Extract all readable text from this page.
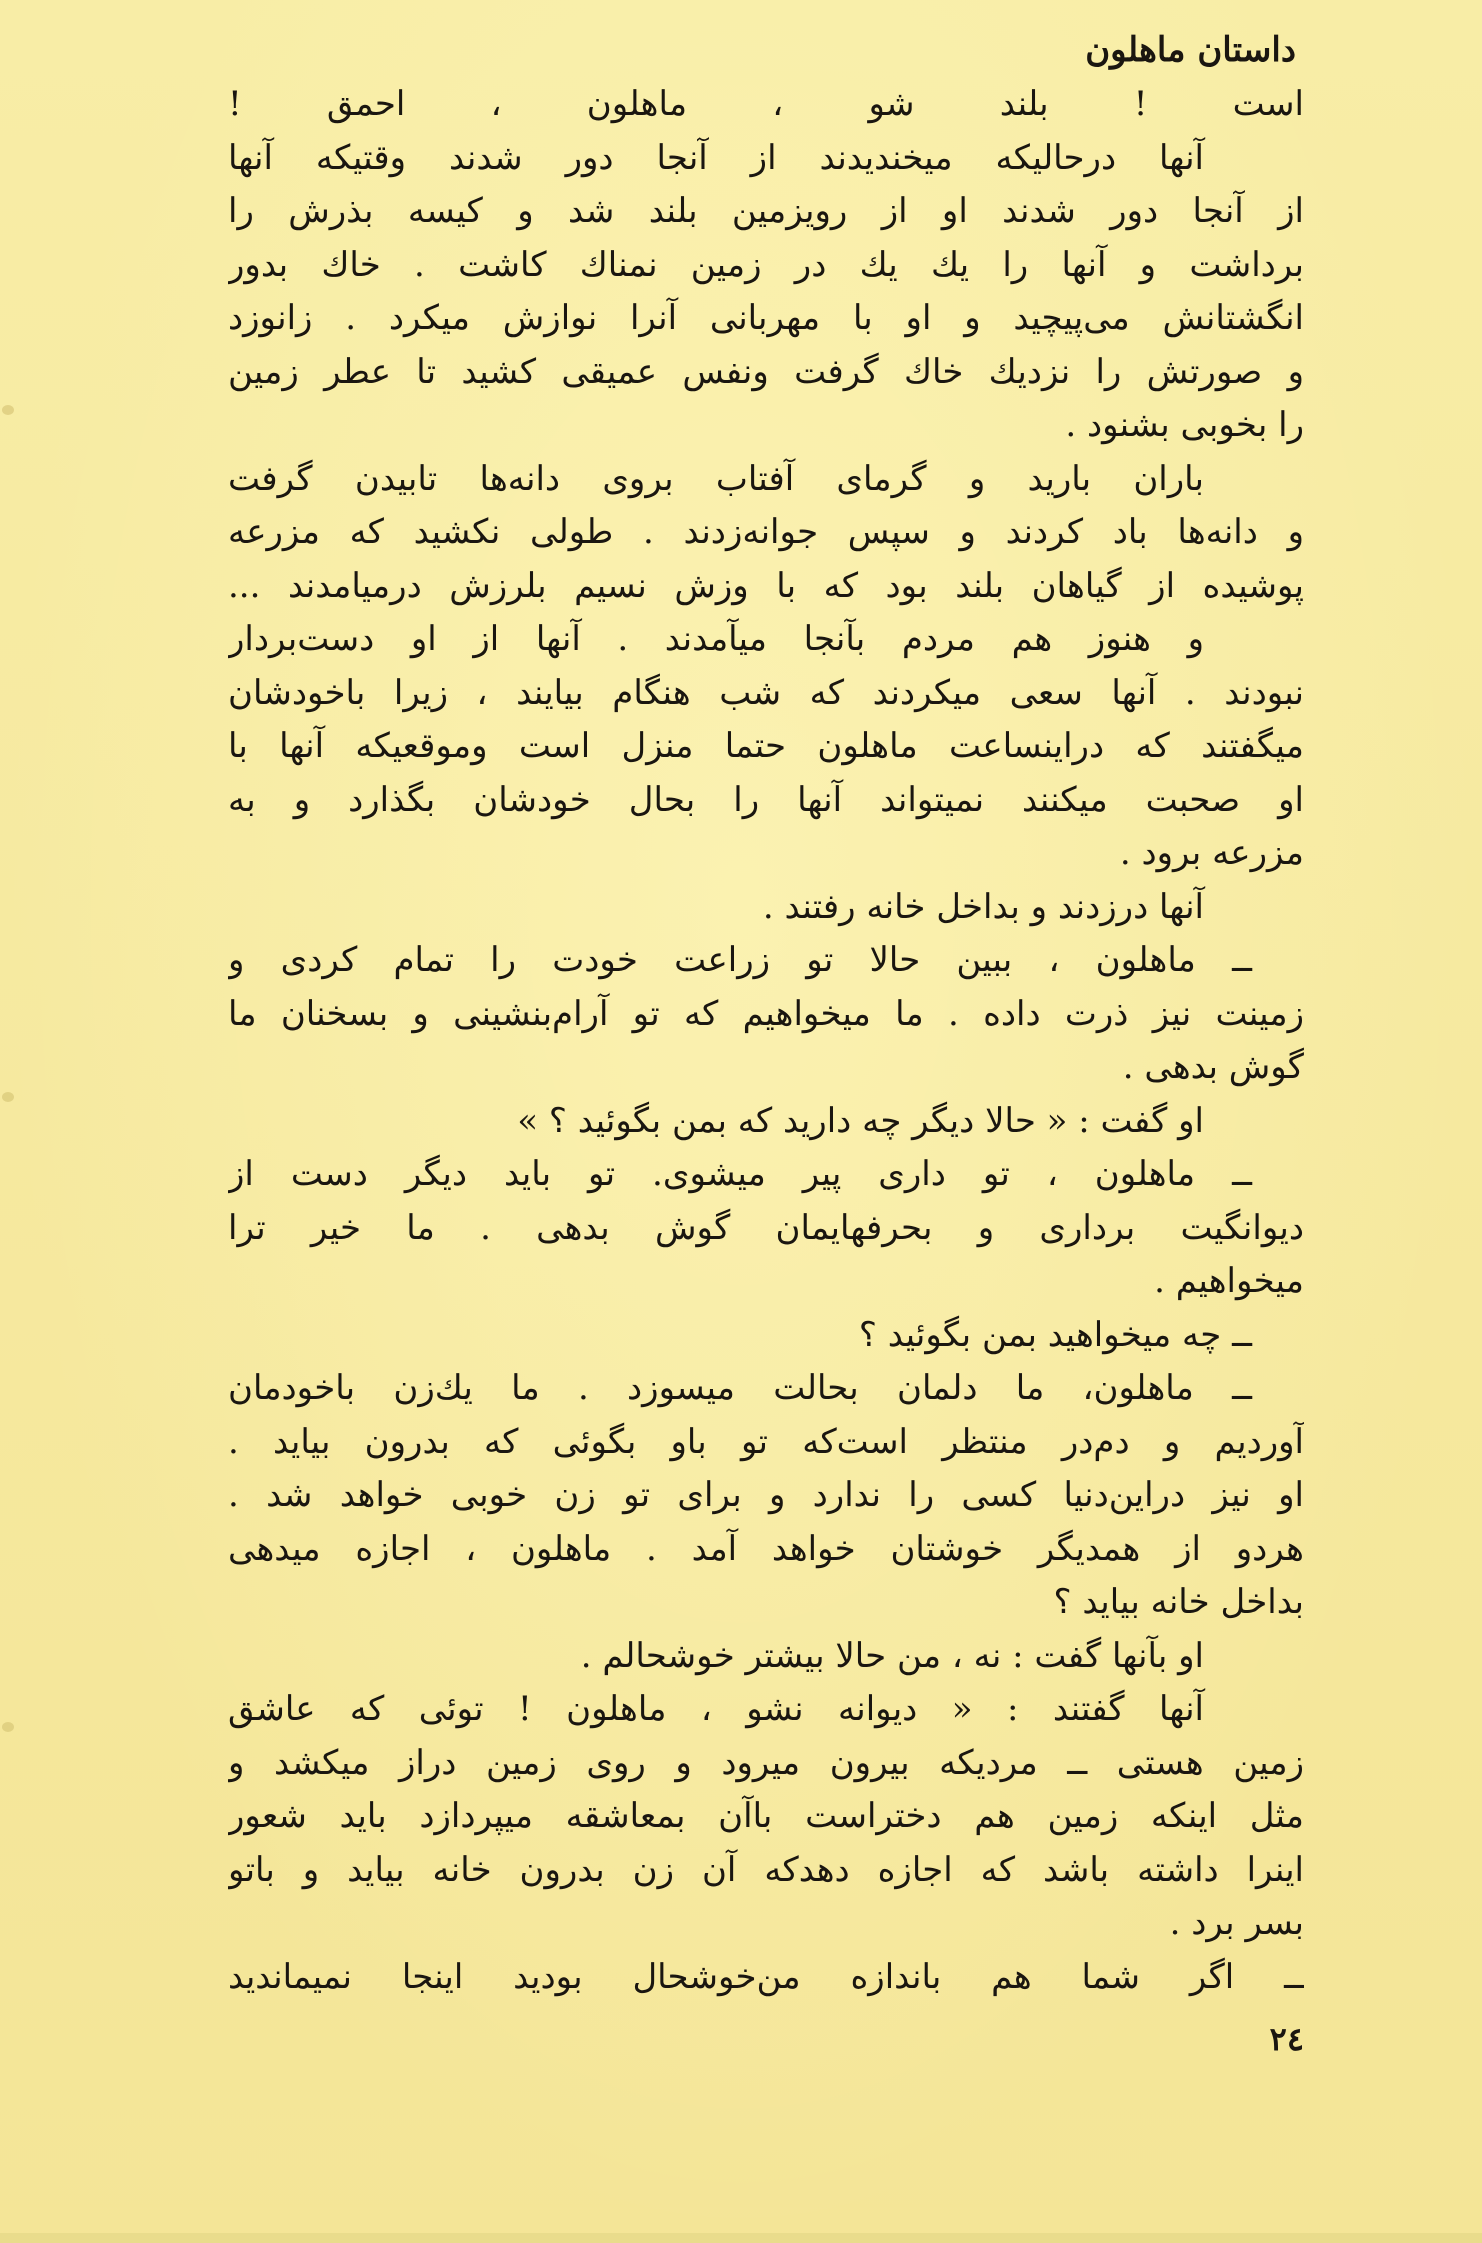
داستان ماهلون
است ! بلند شو ، ماهلون ، احمق !
آنها درحالیکه میخندیدند از آنجا دور شدند وقتیکه آنها
از آنجا دور شدند او از رویزمین بلند شد و کیسه بذرش را
برداشت و آنها را یك یك در زمین نمناك کاشت . خاك بدور
انگشتانش می‌پیچید و او با مهربانی آنرا نوازش میکرد . زانوزد
و صورتش را نزدیك خاك گرفت ونفس عمیقی کشید تا عطر زمین
را بخوبی بشنود .
باران بارید و گرمای آفتاب بروی دانه‌ها تابیدن گرفت
و دانه‌ها باد کردند و سپس جوانه‌زدند . طولی نکشید که مزرعه
پوشیده از گیاهان بلند بود که با وزش نسیم بلرزش درمیامدند ...
و هنوز هم مردم بآنجا میآمدند . آنها از او دست‌بردار
نبودند . آنها سعی میکردند که شب هنگام بیایند ، زیرا باخودشان
میگفتند که دراینساعت ماهلون حتما منزل است وموقعیکه آنها با
او صحبت میکنند نمیتواند آنها را بحال خودشان بگذارد و به
مزرعه برود .
آنها درزدند و بداخل خانه رفتند .
ــ ماهلون ، ببین حالا تو زراعت خودت را تمام کردی و
زمینت نیز ذرت داده . ما میخواهیم که تو آرام‌بنشینی و بسخنان ما
گوش بدهی .
او گفت : « حالا دیگر چه دارید که بمن بگوئید ؟ »
ــ ماهلون ، تو داری پیر میشوی. تو باید دیگر دست از
دیوانگیت برداری و بحرفهایمان گوش بدهی . ما خیر ترا
میخواهیم .
ــ چه میخواهید بمن بگوئید ؟
ــ ماهلون، ما دلمان بحالت میسوزد . ما یك‌زن باخودمان
آوردیم و دم‌در منتظر است‌که تو باو بگوئی که بدرون بیاید .
او نیز دراین‌دنیا کسی را ندارد و برای تو زن خوبی خواهد شد .
هردو از همدیگر خوشتان خواهد آمد . ماهلون ، اجازه میدهی
بداخل خانه بیاید ؟
او بآنها گفت : نه ، من حالا بیشتر خوشحالم .
آنها گفتند : « دیوانه نشو ، ماهلون ! توئی که عاشق
زمین هستی ــ مردیکه بیرون میرود و روی زمین دراز میکشد و
مثل اینکه زمین هم دختراست باآن بمعاشقه میپردازد باید شعور
اینرا داشته باشد که اجازه دهدکه آن زن بدرون خانه بیاید و باتو
بسر برد .
ــ اگر شما هم باندازه من‌خوشحال بودید اینجا نمیماندید
۲٤
